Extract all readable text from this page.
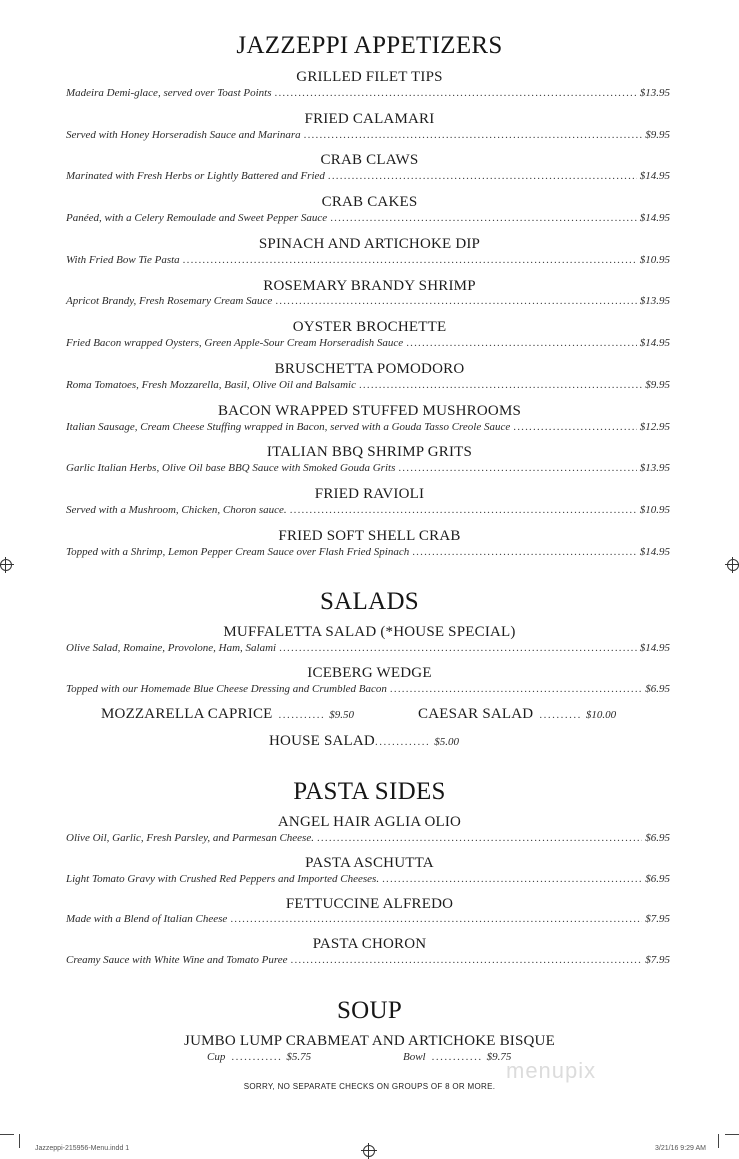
JAZZEPPI APPETIZERS
GRILLED FILET TIPS
Madeira Demi-glace, served over Toast Points .....	$13.95
FRIED CALAMARI
Served with Honey Horseradish Sauce and Marinara .....	$9.95
CRAB CLAWS
Marinated with Fresh Herbs or Lightly Battered and Fried .....	$14.95
CRAB CAKES
Panéed, with a Celery Remoulade and Sweet Pepper Sauce .....	$14.95
SPINACH AND ARTICHOKE DIP
With Fried Bow Tie Pasta .....	$10.95
ROSEMARY BRANDY SHRIMP
Apricot Brandy, Fresh Rosemary Cream Sauce .....	$13.95
OYSTER BROCHETTE
Fried Bacon wrapped Oysters, Green Apple-Sour Cream Horseradish Sauce .....	$14.95
BRUSCHETTA POMODORO
Roma Tomatoes, Fresh Mozzarella, Basil, Olive Oil and Balsamic .....	$9.95
BACON WRAPPED STUFFED MUSHROOMS
Italian Sausage, Cream Cheese Stuffing wrapped in Bacon, served with a Gouda Tasso Creole Sauce .....	$12.95
ITALIAN BBQ SHRIMP GRITS
Garlic Italian Herbs, Olive Oil base BBQ Sauce with Smoked Gouda Grits .....	$13.95
FRIED RAVIOLI
Served with a Mushroom, Chicken, Choron sauce. .....	$10.95
FRIED SOFT SHELL CRAB
Topped with a Shrimp, Lemon Pepper Cream Sauce over Flash Fried Spinach .....	$14.95
SALADS
MUFFALETTA SALAD (*HOUSE SPECIAL)
Olive Salad, Romaine, Provolone, Ham, Salami .....	$14.95
ICEBERG WEDGE
Topped with our Homemade Blue Cheese Dressing and Crumbled Bacon .....	$6.95
MOZZARELLA CAPRICE ........... $9.50	CAESAR SALAD .......... $10.00
HOUSE SALAD ............. $5.00
PASTA SIDES
ANGEL HAIR AGLIA OLIO
Olive Oil, Garlic, Fresh Parsley, and Parmesan Cheese. .....	$6.95
PASTA ASCHUTTA
Light Tomato Gravy with Crushed Red Peppers and Imported Cheeses. .....	$6.95
FETTUCCINE ALFREDO
Made with a Blend of Italian Cheese .....	$7.95
PASTA CHORON
Creamy Sauce with White Wine and Tomato Puree .....	$7.95
SOUP
JUMBO LUMP CRABMEAT AND ARTICHOKE BISQUE
Cup ............ $5.75	Bowl ............ $9.75
menupix
SORRY, NO SEPARATE CHECKS ON GROUPS OF 8 OR MORE.
Jazzeppi-215956-Menu.indd 1	3/21/16 9:29 AM
